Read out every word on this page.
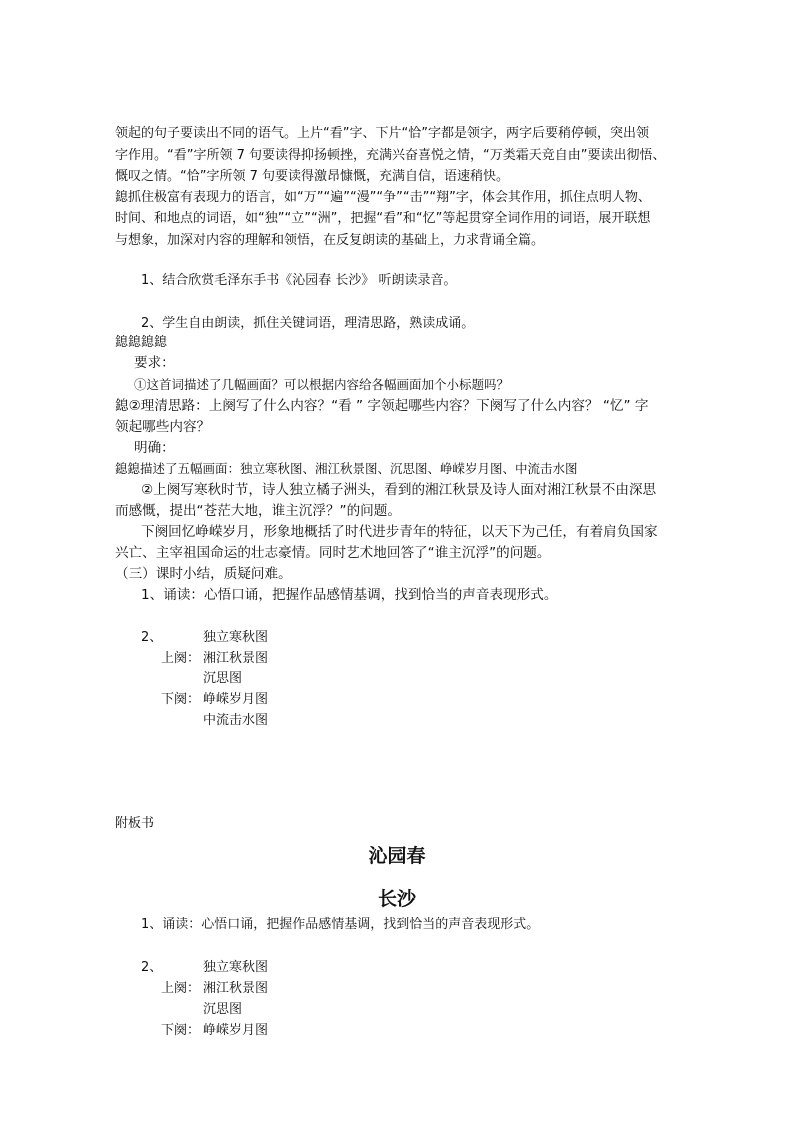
领起的句子要读出不同的语气。上片“看”字、下片“恰”字都是领字，两字后要稍停顿，突出领
字作用。“看”字所领 7 句要读得抑扬顿挫，充满兴奋喜悦之情，“万类霜天竞自由”要读出彻悟、
慨叹之情。“恰”字所领 7 句要读得激昂慷慨，充满自信，语速稍快。
鎴抓住极富有表现力的语言，如“万”“遍”“漫”“争”“击”“翔”字，体会其作用，抓住点明人物、
时间、和地点的词语，如“独”“立”“洲”，把握“看”和“忆”等起贯穿全词作用的词语，展开联想
与想象，加深对内容的理解和领悟，在反复朗读的基础上，力求背诵全篇。
1、结合欣赏毛泽东手书《沁园春 长沙》 听朗读录音。
2、学生自由朗读，抓住关键词语，理清思路，熟读成诵。
鎴鎴鎴鎴
要求：
①这首词描述了几幅画面？可以根据内容给各幅画面加个小标题吗？
鎴②理清思路：上阕写了什么内容？“看 ” 字领起哪些内容？下阕写了什么内容？ “忆” 字
领起哪些内容？
明确：
鎴鎴描述了五幅画面：独立寒秋图、湘江秋景图、沉思图、峥嵘岁月图、中流击水图
②上阕写寒秋时节，诗人独立橘子洲头，看到的湘江秋景及诗人面对湘江秋景不由深思
而感慨，提出“苍茫大地，谁主沉浮？”的问题。
下阕回忆峥嵘岁月，形象地概括了时代进步青年的特征，以天下为己任，有着肩负国家
兴亡、主宰祖国命运的壮志豪情。同时艺术地回答了“谁主沉浮”的问题。
（三）课时小结，质疑问难。
1、诵读：心悟口诵，把握作品感情基调，找到恰当的声音表现形式。
2、
上阕：
下阕：
独立寒秋图
湘江秋景图
沉思图
峥嵘岁月图
中流击水图
附板书
沁园春
长沙
1、诵读：心悟口诵，把握作品感情基调，找到恰当的声音表现形式。
2、
上阕：
下阕：
独立寒秋图
湘江秋景图
沉思图
峥嵘岁月图
